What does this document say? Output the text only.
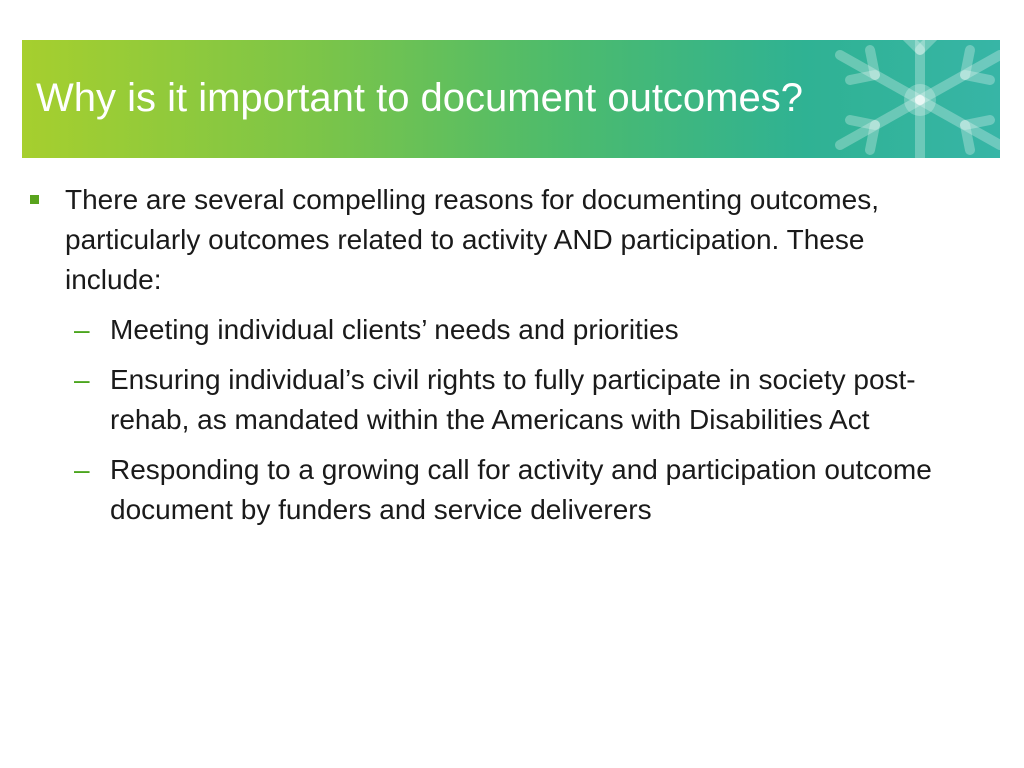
Why is it important to document outcomes?
There are several compelling reasons for documenting outcomes, particularly outcomes related to activity AND participation. These include:
– Meeting individual clients’ needs and priorities
– Ensuring individual’s civil rights to fully participate in society post-rehab, as mandated within the Americans with Disabilities Act
– Responding to a growing call for activity and participation outcome document by funders and service deliverers
